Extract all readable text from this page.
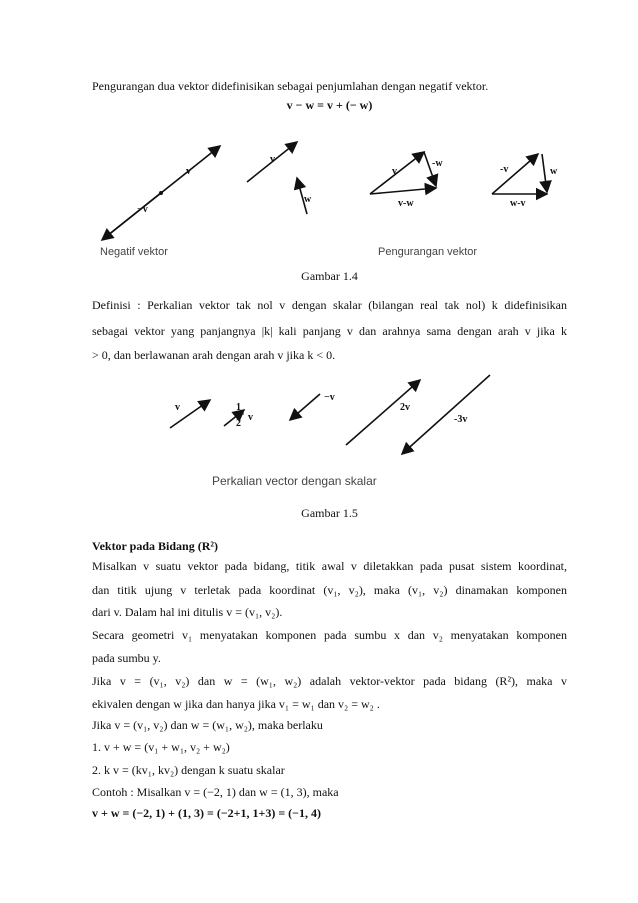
Pengurangan dua vektor didefinisikan sebagai penjumlahan dengan negatif vektor.
v − w = v + (− w)
v
−v
v
w
v
-w
v-w
-v	w
w-v
Negatif vektor	Pengurangan vektor
Gambar 1.4
Definisi : Perkalian vektor tak nol v dengan skalar (bilangan real tak nol) k didefinisikan
sebagai vektor yang panjangnya |k| kali panjang v dan arahnya sama dengan arah v jika k
> 0, dan berlawanan arah dengan arah v jika k < 0.
v	1
2
v
−v
2v
-3v
Perkalian vector dengan skalar
Gambar 1.5
Vektor pada Bidang (R²)
Misalkan v suatu vektor pada bidang, titik awal v diletakkan pada pusat sistem koordinat,
dan titik ujung v terletak pada koordinat (v₁, v₂), maka (v₁, v₂) dinamakan komponen
dari v. Dalam hal ini ditulis v = (v₁, v₂).
Secara geometri v₁ menyatakan komponen pada sumbu x dan v₂ menyatakan komponen
pada sumbu y.
Jika v = (v₁, v₂) dan w = (w₁, w₂) adalah vektor-vektor pada bidang (R²), maka v
ekivalen dengan w jika dan hanya jika v₁ = w₁ dan v₂ = w₂ .
Jika v = (v₁, v₂) dan w = (w₁, w₂), maka berlaku
1. v + w = (v₁ + w₁, v₂ + w₂)
2. k v = (kv₁, kv₂) dengan k suatu skalar
Contoh : Misalkan v = (−2, 1) dan w = (1, 3), maka
v + w = (−2, 1) + (1, 3) = (−2+1, 1+3) = (−1, 4)
